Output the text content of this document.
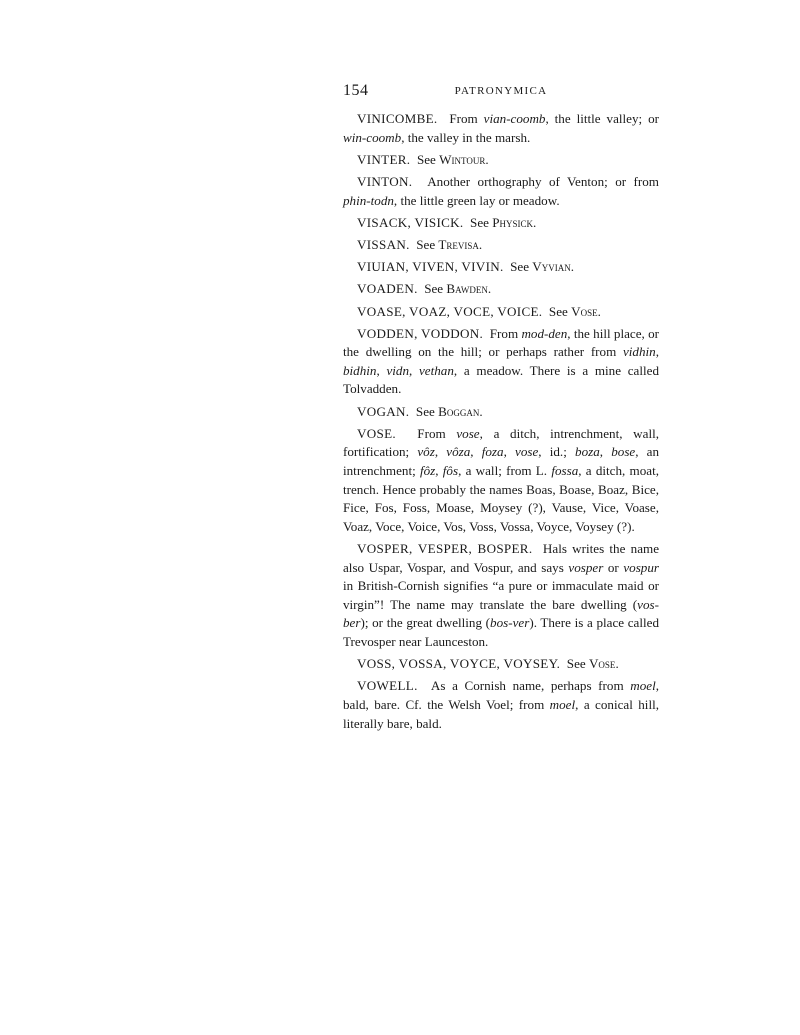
154	PATRONYMICA

VINICOMBE. From vian-coomb, the little valley; or win-coomb, the valley in the marsh.

VINTER. See Wintour.

VINTON. Another orthography of Venton; or from phin-todn, the little green lay or meadow.

VISACK, VISICK. See Physick.

VISSAN. See Trevisa.

VIUIAN, VIVEN, VIVIN. See Vyvian.

VOADEN. See Bawden.

VOASE, VOAZ, VOCE, VOICE. See Vose.

VODDEN, VODDON. From mod-den, the hill place, or the dwelling on the hill; or perhaps rather from vidhin, bidhin, vidn, vethan, a meadow. There is a mine called Tolvadden.

VOGAN. See Boggan.

VOSE. From vose, a ditch, intrenchment, wall, fortification; vôz, vôza, foza, vose, id.; boza, bose, an intrenchment; fôz, fôs, a wall; from L. fossa, a ditch, moat, trench. Hence probably the names Boas, Boase, Boaz, Bice, Fice, Fos, Foss, Moase, Moysey (?), Vause, Vice, Voase, Voaz, Voce, Voice, Vos, Voss, Vossa, Voyce, Voysey (?).

VOSPER, VESPER, BOSPER. Hals writes the name also Uspar, Vospar, and Vospur, and says vosper or vospur in British-Cornish signifies “a pure or immaculate maid or virgin”! The name may translate the bare dwelling (vos-ber); or the great dwelling (bos-ver). There is a place called Trevosper near Launceston.

VOSS, VOSSA, VOYCE, VOYSEY. See Vose.

VOWELL. As a Cornish name, perhaps from moel, bald, bare. Cf. the Welsh Voel; from moel, a conical hill, literally bare, bald.
